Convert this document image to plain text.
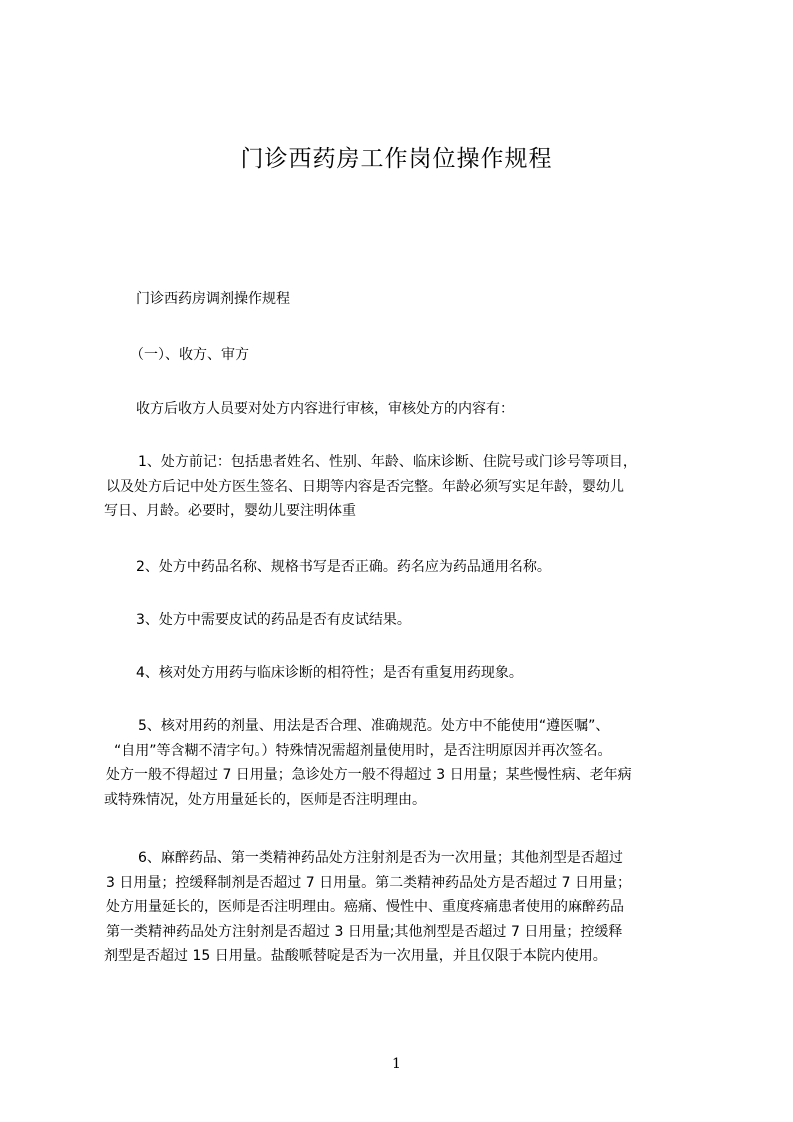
门诊西药房工作岗位操作规程

门诊西药房调剂操作规程

（一）、收方、审方

收方后收方人员要对处方内容进行审核，审核处方的内容有：

1、处方前记：包括患者姓名、性别、年龄、临床诊断、住院号或门诊号等项目，
以及处方后记中处方医生签名、日期等内容是否完整。年龄必须写实足年龄，婴幼儿
写日、月龄。必要时，婴幼儿要注明体重

2、处方中药品名称、规格书写是否正确。药名应为药品通用名称。

3、处方中需要皮试的药品是否有皮试结果。

4、核对处方用药与临床诊断的相符性；是否有重复用药现象。

5、核对用药的剂量、用法是否合理、准确规范。处方中不能使用“遵医嘱”、
“自用”等含糊不清字句。）特殊情况需超剂量使用时，是否注明原因并再次签名。
处方一般不得超过 7 日用量；急诊处方一般不得超过 3 日用量；某些慢性病、老年病
或特殊情况，处方用量延长的，医师是否注明理由。
6、麻醉药品、第一类精神药品处方注射剂是否为一次用量；其他剂型是否超过
3 日用量；控缓释制剂是否超过 7 日用量。第二类精神药品处方是否超过 7 日用量；
处方用量延长的，医师是否注明理由。癌痛、慢性中、重度疼痛患者使用的麻醉药品
第一类精神药品处方注射剂是否超过 3 日用量;其他剂型是否超过 7 日用量；控缓释
剂型是否超过 15 日用量。盐酸哌替啶是否为一次用量，并且仅限于本院内使用。
1
